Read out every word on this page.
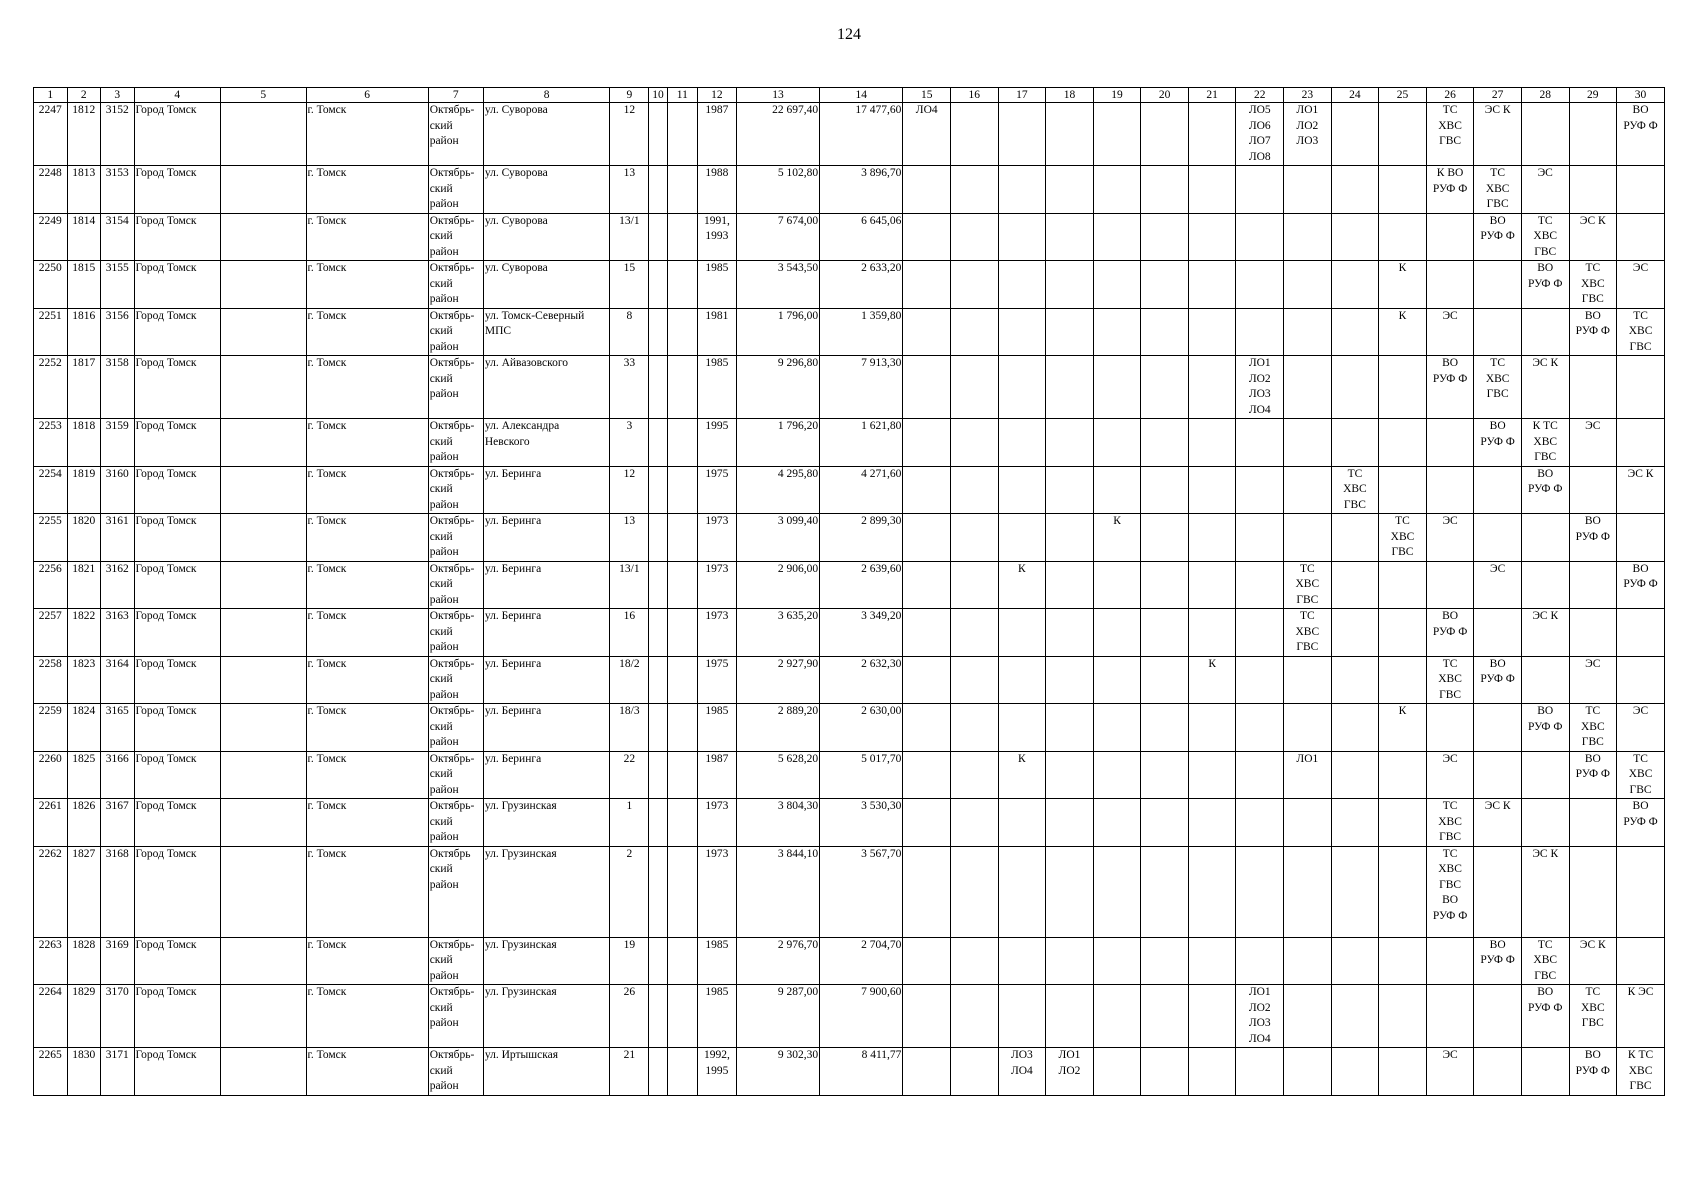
124
1	2	3	4	5	6	7	8	9	10	11	12	13	14	15	16	17	18	19	20	21	22	23	24	25	26	27	28	29	30
2247	1812	3152	Город Томск		г. Томск	Октябрь-
ский
район	ул. Суворова	12			1987	22 697,40	17 477,60	ЛО4							ЛО5
ЛО6
ЛО7
ЛО8	ЛО1
ЛО2
ЛО3			ТС
ХВС
ГВС	ЭС К			ВО
РУФ Ф
2248	1813	3153	Город Томск		г. Томск	Октябрь-
ский
район	ул. Суворова	13			1988	5 102,80	3 896,70												К ВО
РУФ Ф	ТС
ХВС
ГВС	ЭС		
2249	1814	3154	Город Томск		г. Томск	Октябрь-
ский
район	ул. Суворова	13/1			1991,
1993	7 674,00	6 645,06													ВО
РУФ Ф	ТС
ХВС
ГВС	ЭС К	
2250	1815	3155	Город Томск		г. Томск	Октябрь-
ский
район	ул. Суворова	15			1985	3 543,50	2 633,20											К			ВО
РУФ Ф	ТС
ХВС
ГВС	ЭС
2251	1816	3156	Город Томск		г. Томск	Октябрь-
ский
район	ул. Томск-Северный
МПС	8			1981	1 796,00	1 359,80											К	ЭС			ВО
РУФ Ф	ТС
ХВС
ГВС
2252	1817	3158	Город Томск		г. Томск	Октябрь-
ский
район	ул. Айвазовского	33			1985	9 296,80	7 913,30								ЛО1
ЛО2
ЛО3
ЛО4				ВО
РУФ Ф	ТС
ХВС
ГВС	ЭС К		
2253	1818	3159	Город Томск		г. Томск	Октябрь-
ский
район	ул. Александра
Невского	3			1995	1 796,20	1 621,80													ВО
РУФ Ф	К ТС
ХВС
ГВС	ЭС	
2254	1819	3160	Город Томск		г. Томск	Октябрь-
ский
район	ул. Беринга	12			1975	4 295,80	4 271,60										ТС
ХВС
ГВС				ВО
РУФ Ф		ЭС К
2255	1820	3161	Город Томск		г. Томск	Октябрь-
ский
район	ул. Беринга	13			1973	3 099,40	2 899,30					К						ТС
ХВС
ГВС	ЭС			ВО
РУФ Ф	
2256	1821	3162	Город Томск		г. Томск	Октябрь-
ский
район	ул. Беринга	13/1			1973	2 906,00	2 639,60			К						ТС
ХВС
ГВС				ЭС			ВО
РУФ Ф
2257	1822	3163	Город Томск		г. Томск	Октябрь-
ский
район	ул. Беринга	16			1973	3 635,20	3 349,20									ТС
ХВС
ГВС			ВО
РУФ Ф		ЭС К		
2258	1823	3164	Город Томск		г. Томск	Октябрь-
ский
район	ул. Беринга	18/2			1975	2 927,90	2 632,30							К					ТС
ХВС
ГВС	ВО
РУФ Ф		ЭС	
2259	1824	3165	Город Томск		г. Томск	Октябрь-
ский
район	ул. Беринга	18/3			1985	2 889,20	2 630,00											К			ВО
РУФ Ф	ТС
ХВС
ГВС	ЭС
2260	1825	3166	Город Томск		г. Томск	Октябрь-
ский
район	ул. Беринга	22			1987	5 628,20	5 017,70			К						ЛО1			ЭС			ВО
РУФ Ф	ТС
ХВС
ГВС
2261	1826	3167	Город Томск		г. Томск	Октябрь-
ский
район	ул. Грузинская	1			1973	3 804,30	3 530,30												ТС
ХВС
ГВС	ЭС К			ВО
РУФ Ф
2262	1827	3168	Город Томск		г. Томск	Октябрь
ский
район	ул. Грузинская	2			1973	3 844,10	3 567,70												ТС
ХВС
ГВС
ВО
РУФ Ф		ЭС К		
2263	1828	3169	Город Томск		г. Томск	Октябрь-
ский
район	ул. Грузинская	19			1985	2 976,70	2 704,70													ВО
РУФ Ф	ТС
ХВС
ГВС	ЭС К	
2264	1829	3170	Город Томск		г. Томск	Октябрь-
ский
район	ул. Грузинская	26			1985	9 287,00	7 900,60								ЛО1
ЛО2
ЛО3
ЛО4						ВО
РУФ Ф	ТС
ХВС
ГВС	К ЭС
2265	1830	3171	Город Томск		г. Томск	Октябрь-
ский
район	ул. Иртышская	21			1992,
1995	9 302,30	8 411,77			ЛО3
ЛО4	ЛО1
ЛО2								ЭС			ВО
РУФ Ф	К ТС
ХВС
ГВС
